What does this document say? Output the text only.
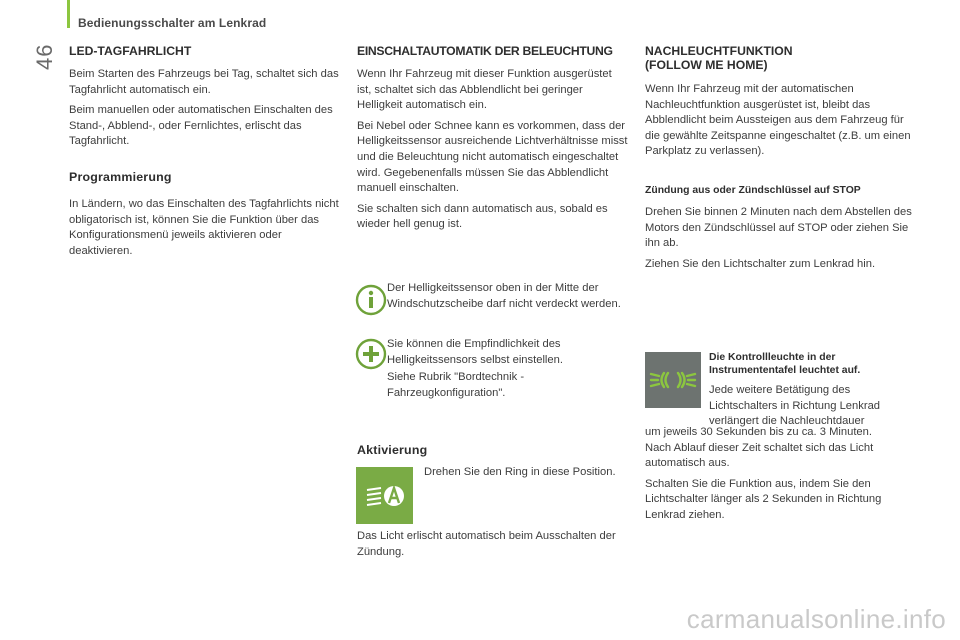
Bedienungsschalter am Lenkrad
46 LED-TAGFAHRLICHT

Beim Starten des Fahrzeugs bei Tag, schaltet sich das Tagfahrlicht automatisch ein.

Beim manuellen oder automatischen Einschalten des Stand-, Abblend-, oder Fernlichtes, erlischt das Tagfahrlicht.

Programmierung

In Ländern, wo das Einschalten des Tagfahrlichts nicht obligatorisch ist, können Sie die Funktion über das Konfigurationsmenü jeweils aktivieren oder deaktivieren.

EINSCHALTAUTOMATIK DER BELEUCHTUNG

Wenn Ihr Fahrzeug mit dieser Funktion ausgerüstet ist, schaltet sich das Abblendlicht bei geringer Helligkeit automatisch ein.

Bei Nebel oder Schnee kann es vorkommen, dass der Helligkeitssensor ausreichende Lichtverhältnisse misst und die Beleuchtung nicht automatisch eingeschaltet wird. Gegebenenfalls müssen Sie das Abblendlicht manuell einschalten.

Sie schalten sich dann automatisch aus, sobald es wieder hell genug ist.

Der Helligkeitssensor oben in der Mitte der Windschutzscheibe darf nicht verdeckt werden.

Sie können die Empfindlichkeit des Helligkeitssensors selbst einstellen.

Siehe Rubrik "Bordtechnik - Fahrzeugkonfiguration".

Aktivierung

Drehen Sie den Ring in diese Position.

Das Licht erlischt automatisch beim Ausschalten der Zündung.

NACHLEUCHTFUNKTION
(FOLLOW ME HOME)

Wenn Ihr Fahrzeug mit der automatischen Nachleuchtfunktion ausgerüstet ist, bleibt das Abblendlicht beim Aussteigen aus dem Fahrzeug für die gewählte Zeitspanne eingeschaltet (z.B. um einen Parkplatz zu verlassen).

Zündung aus oder Zündschlüssel auf STOP

Drehen Sie binnen 2 Minuten nach dem Abstellen des Motors den Zündschlüssel auf STOP oder ziehen Sie ihn ab.

Ziehen Sie den Lichtschalter zum Lenkrad hin.

Die Kontrollleuchte in der Instrumententafel leuchtet auf.

Jede weitere Betätigung des Lichtschalters in Richtung Lenkrad verlängert die Nachleuchtdauer

um jeweils 30 Sekunden bis zu ca. 3 Minuten.

Nach Ablauf dieser Zeit schaltet sich das Licht automatisch aus.

Schalten Sie die Funktion aus, indem Sie den Lichtschalter länger als 2 Sekunden in Richtung Lenkrad ziehen.

carmanualsonline.info
